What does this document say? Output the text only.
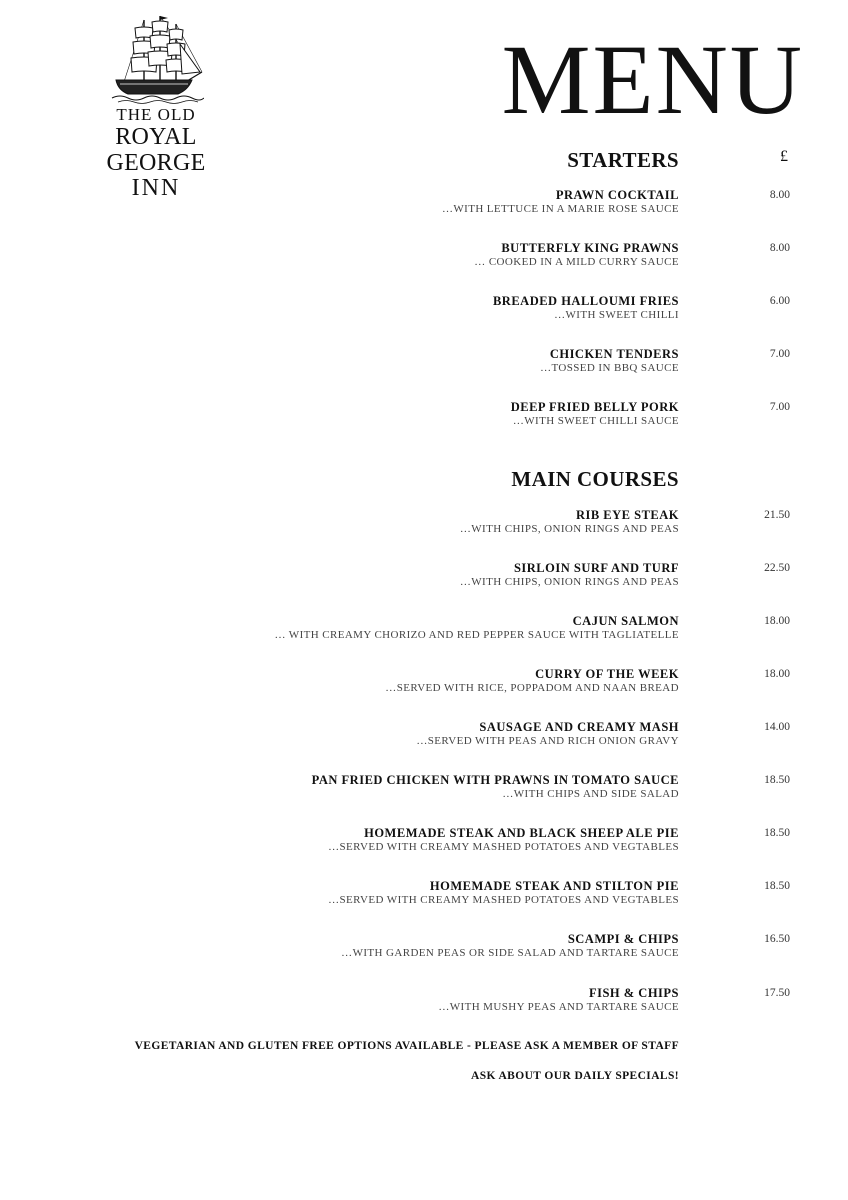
THE OLD
ROYAL GEORGE
INN
MENU
STARTERS	£
PRAWN COCKTAIL
…WITH LETTUCE IN A MARIE ROSE SAUCE
8.00
BUTTERFLY KING PRAWNS
… COOKED IN A MILD CURRY SAUCE
8.00
BREADED HALLOUMI FRIES
…WITH SWEET CHILLI
6.00
CHICKEN TENDERS
…TOSSED IN BBQ SAUCE
7.00
DEEP FRIED BELLY PORK
…WITH SWEET CHILLI SAUCE
7.00
MAIN COURSES
RIB EYE STEAK
…WITH CHIPS, ONION RINGS AND PEAS
21.50
SIRLOIN SURF AND TURF
…WITH CHIPS, ONION RINGS AND PEAS
22.50
CAJUN SALMON
… WITH CREAMY CHORIZO AND RED PEPPER SAUCE WITH TAGLIATELLE
18.00
CURRY OF THE WEEK
…SERVED WITH RICE, POPPADOM AND NAAN BREAD
18.00
SAUSAGE AND CREAMY MASH
…SERVED WITH PEAS AND RICH ONION GRAVY
14.00
PAN FRIED CHICKEN WITH PRAWNS IN TOMATO SAUCE
…WITH CHIPS AND SIDE SALAD
18.50
HOMEMADE STEAK AND BLACK SHEEP ALE PIE
…SERVED WITH CREAMY MASHED POTATOES AND VEGTABLES
18.50
HOMEMADE STEAK AND STILTON PIE
…SERVED WITH CREAMY MASHED POTATOES AND VEGTABLES
18.50
SCAMPI & CHIPS
…WITH GARDEN PEAS OR SIDE SALAD AND TARTARE SAUCE
16.50
FISH & CHIPS
…WITH MUSHY PEAS AND TARTARE SAUCE
17.50
VEGETARIAN AND GLUTEN FREE OPTIONS AVAILABLE - PLEASE ASK A MEMBER OF STAFF
ASK ABOUT OUR DAILY SPECIALS!
